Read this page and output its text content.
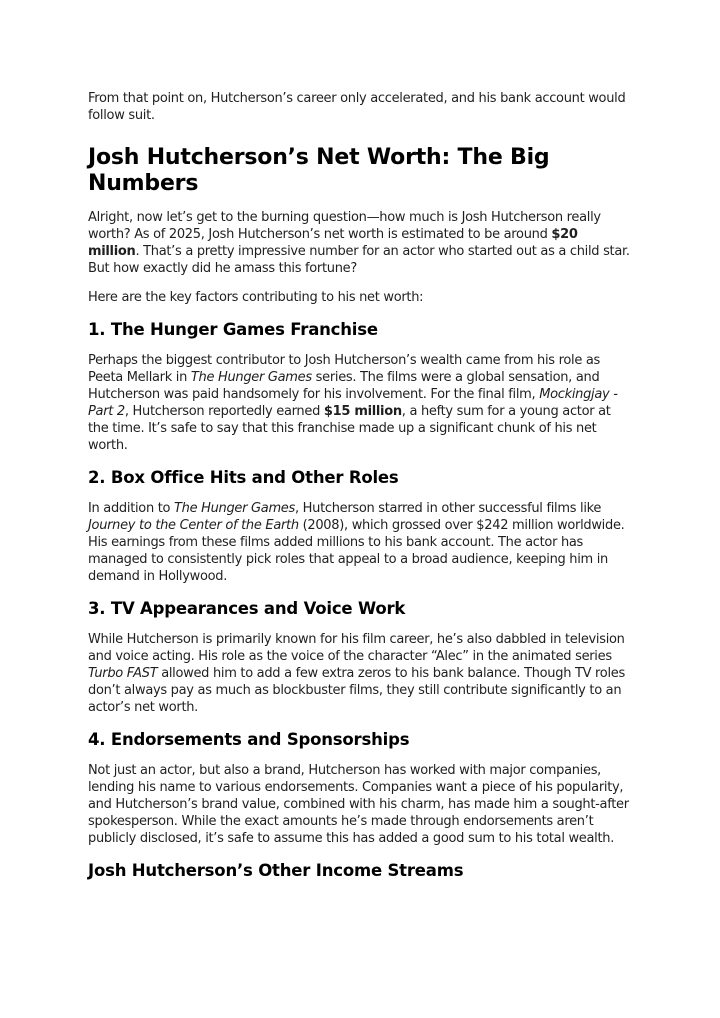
From that point on, Hutcherson’s career only accelerated, and his bank account would follow suit.

Josh Hutcherson’s Net Worth: The Big Numbers

Alright, now let’s get to the burning question—how much is Josh Hutcherson really worth? As of 2025, Josh Hutcherson’s net worth is estimated to be around $20 million. That’s a pretty impressive number for an actor who started out as a child star. But how exactly did he amass this fortune?

Here are the key factors contributing to his net worth:

1. The Hunger Games Franchise

Perhaps the biggest contributor to Josh Hutcherson’s wealth came from his role as Peeta Mellark in The Hunger Games series. The films were a global sensation, and Hutcherson was paid handsomely for his involvement. For the final film, Mockingjay - Part 2, Hutcherson reportedly earned $15 million, a hefty sum for a young actor at the time. It’s safe to say that this franchise made up a significant chunk of his net worth.

2. Box Office Hits and Other Roles

In addition to The Hunger Games, Hutcherson starred in other successful films like Journey to the Center of the Earth (2008), which grossed over $242 million worldwide. His earnings from these films added millions to his bank account. The actor has managed to consistently pick roles that appeal to a broad audience, keeping him in demand in Hollywood.

3. TV Appearances and Voice Work

While Hutcherson is primarily known for his film career, he’s also dabbled in television and voice acting. His role as the voice of the character “Alec” in the animated series Turbo FAST allowed him to add a few extra zeros to his bank balance. Though TV roles don’t always pay as much as blockbuster films, they still contribute significantly to an actor’s net worth.

4. Endorsements and Sponsorships

Not just an actor, but also a brand, Hutcherson has worked with major companies, lending his name to various endorsements. Companies want a piece of his popularity, and Hutcherson’s brand value, combined with his charm, has made him a sought-after spokesperson. While the exact amounts he’s made through endorsements aren’t publicly disclosed, it’s safe to assume this has added a good sum to his total wealth.

Josh Hutcherson’s Other Income Streams
